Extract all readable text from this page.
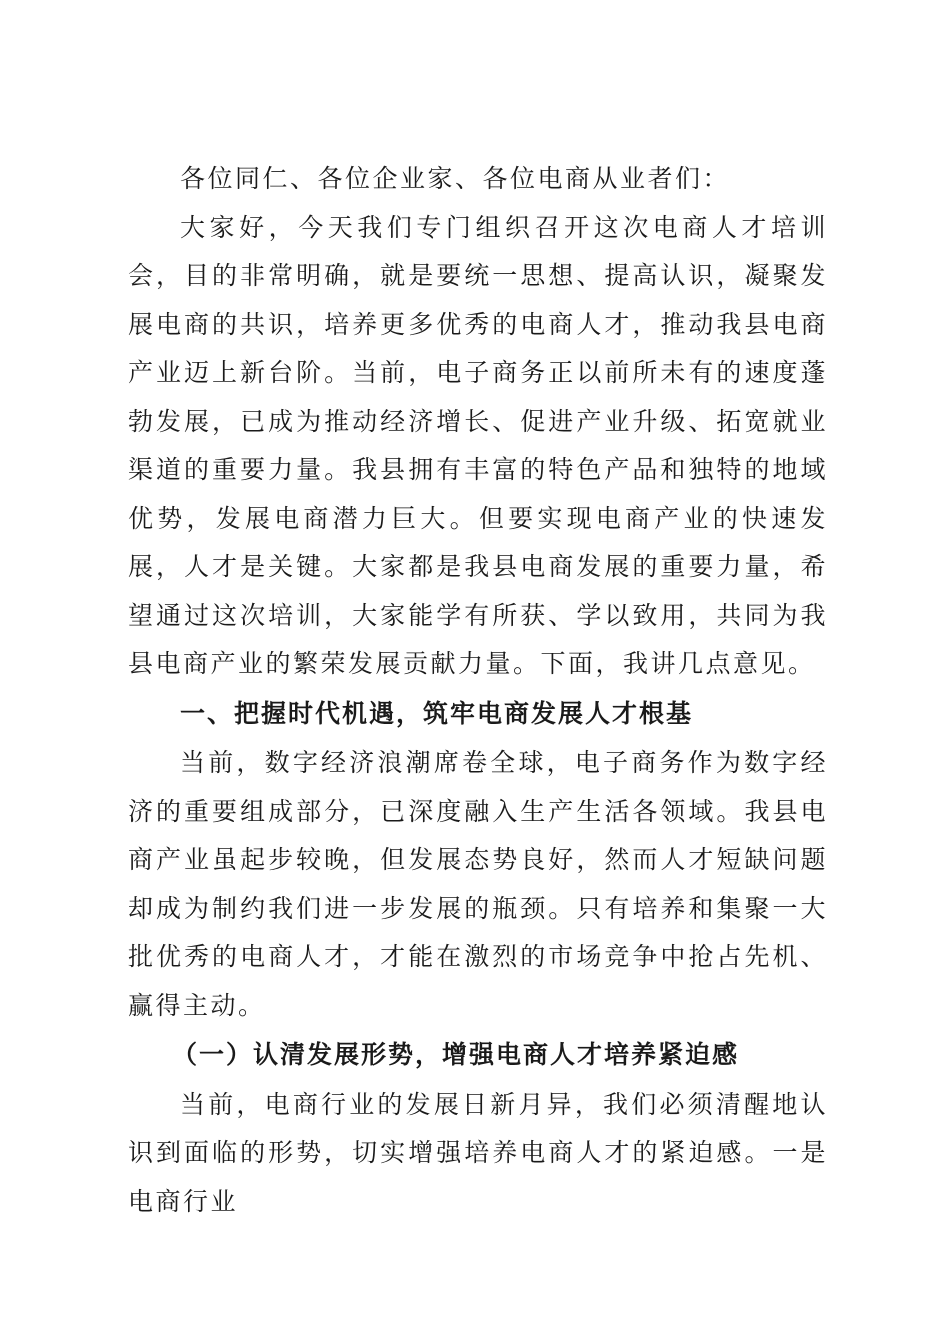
各位同仁、各位企业家、各位电商从业者们：

大家好，今天我们专门组织召开这次电商人才培训会，目的非常明确，就是要统一思想、提高认识，凝聚发展电商的共识，培养更多优秀的电商人才，推动我县电商产业迈上新台阶。当前，电子商务正以前所未有的速度蓬勃发展，已成为推动经济增长、促进产业升级、拓宽就业渠道的重要力量。我县拥有丰富的特色产品和独特的地域优势，发展电商潜力巨大。但要实现电商产业的快速发展，人才是关键。大家都是我县电商发展的重要力量，希望通过这次培训，大家能学有所获、学以致用，共同为我县电商产业的繁荣发展贡献力量。下面，我讲几点意见。

一、把握时代机遇，筑牢电商发展人才根基

当前，数字经济浪潮席卷全球，电子商务作为数字经济的重要组成部分，已深度融入生产生活各领域。我县电商产业虽起步较晚，但发展态势良好，然而人才短缺问题却成为制约我们进一步发展的瓶颈。只有培养和集聚一大批优秀的电商人才，才能在激烈的市场竞争中抢占先机、赢得主动。

（一）认清发展形势，增强电商人才培养紧迫感

当前，电商行业的发展日新月异，我们必须清醒地认识到面临的形势，切实增强培养电商人才的紧迫感。一是电商行业
